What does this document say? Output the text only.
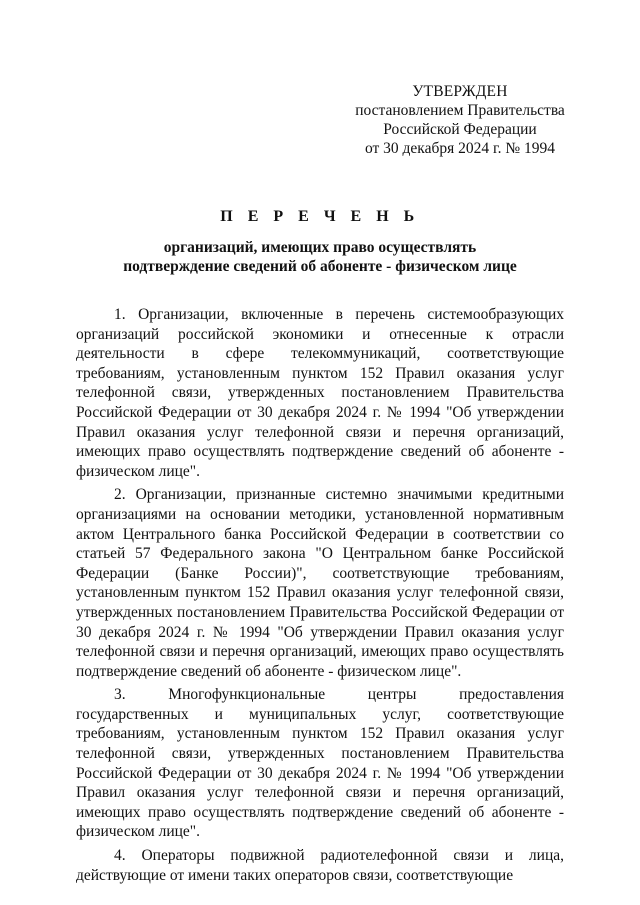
УТВЕРЖДЕН
постановлением Правительства
Российской Федерации
от 30 декабря 2024 г. № 1994
П Е Р Е Ч Е Н Ь
организаций, имеющих право осуществлять
подтверждение сведений об абоненте - физическом лице

1. Организации, включенные в перечень системообразующих организаций российской экономики и отнесенные к отрасли деятельности в сфере телекоммуникаций, соответствующие требованиям, установленным пунктом 152 Правил оказания услуг телефонной связи, утвержденных постановлением Правительства Российской Федерации от 30 декабря 2024 г. № 1994 "Об утверждении Правил оказания услуг телефонной связи и перечня организаций, имеющих право осуществлять подтверждение сведений об абоненте - физическом лице".

2. Организации, признанные системно значимыми кредитными организациями на основании методики, установленной нормативным актом Центрального банка Российской Федерации в соответствии со статьей 57 Федерального закона "О Центральном банке Российской Федерации (Банке России)", соответствующие требованиям, установленным пунктом 152 Правил оказания услуг телефонной связи, утвержденных постановлением Правительства Российской Федерации от 30 декабря 2024 г. № 1994 "Об утверждении Правил оказания услуг телефонной связи и перечня организаций, имеющих право осуществлять подтверждение сведений об абоненте - физическом лице".

3. Многофункциональные центры предоставления государственных и муниципальных услуг, соответствующие требованиям, установленным пунктом 152 Правил оказания услуг телефонной связи, утвержденных постановлением Правительства Российской Федерации от 30 декабря 2024 г. № 1994 "Об утверждении Правил оказания услуг телефонной связи и перечня организаций, имеющих право осуществлять подтверждение сведений об абоненте - физическом лице".

4. Операторы подвижной радиотелефонной связи и лица, действующие от имени таких операторов связи, соответствующие
